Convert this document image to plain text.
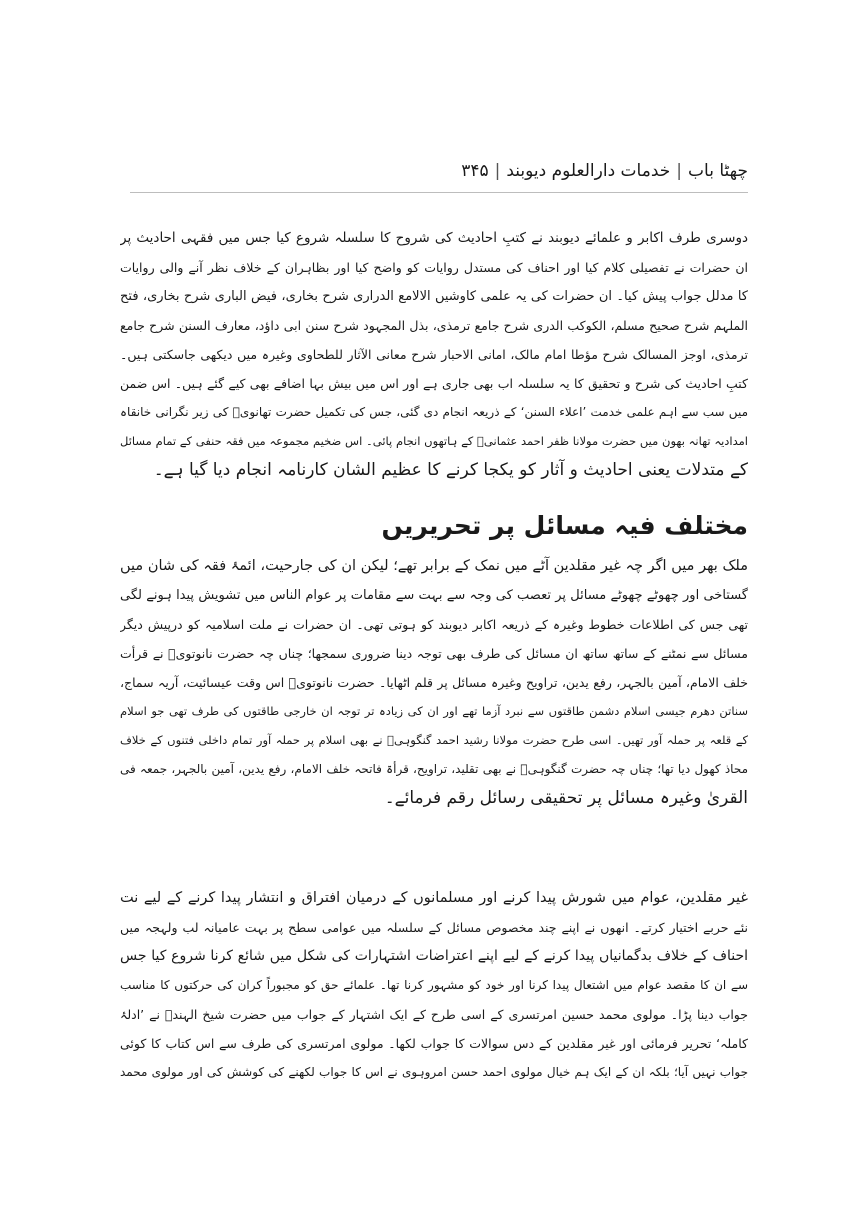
چھٹا باب|خدمات دارالعلوم دیوبند|۳۴۵
دوسری طرف اکابر و علمائے دیوبند نے کتبِ احادیث کی شروح کا سلسلہ شروع کیا جس میں فقہی احادیث پر
ان حضرات نے تفصیلی کلام کیا اور احناف کی مستدل روایات کو واضح کیا اور بظاہران کے خلاف نظر آنے والی روایات
کا مدلل جواب پیش کیا۔ ان حضرات کی یہ علمی کاوشیں الالامع الدراری شرح بخاری، فیض الباری شرح بخاری، فتح
الملہم شرح صحیح مسلم، الکوکب الدری شرح جامع ترمذی، بذل المجہود شرح سنن ابی داؤد، معارف السنن شرح جامع
ترمذی، اوجز المسالک شرح مؤطا امام مالک، امانی الاحبار شرح معانی الآثار للطحاوی وغیرہ میں دیکھی جاسکتی ہیں۔
کتبِ احادیث کی شرح و تحقیق کا یہ سلسلہ اب بھی جاری ہے اور اس میں بیش بہا اضافے بھی کیے گئے ہیں۔ اس ضمن
میں سب سے اہم علمی خدمت ’اعلاء السنن‘ کے ذریعہ انجام دی گئی، جس کی تکمیل حضرت تھانویؒ کی زیر نگرانی خانقاہ
امدادیہ تھانہ بھون میں حضرت مولانا ظفر احمد عثمانیؒ کے ہاتھوں انجام پائی۔ اس ضخیم مجموعہ میں فقہ حنفی کے تمام مسائل
کے متدلات یعنی احادیث و آثار کو یکجا کرنے کا عظیم الشان کارنامہ انجام دیا گیا ہے۔
مختلف فیہ مسائل پر تحریریں
ملک بھر میں اگر چہ غیر مقلدین آٹے میں نمک کے برابر تھے؛ لیکن ان کی جارحیت، ائمۂ فقہ کی شان میں
گستاخی اور چھوٹے چھوٹے مسائل پر تعصب کی وجہ سے بہت سے مقامات پر عوام الناس میں تشویش پیدا ہونے لگی
تھی جس کی اطلاعات خطوط وغیرہ کے ذریعہ اکابر دیوبند کو ہوتی تھی۔ ان حضرات نے ملت اسلامیہ کو درپیش دیگر
مسائل سے نمٹنے کے ساتھ ساتھ ان مسائل کی طرف بھی توجہ دینا ضروری سمجھا؛ چناں چہ حضرت نانوتویؒ نے قرأت
خلف الامام، آمین بالجہر، رفع یدین، تراویح وغیرہ مسائل پر قلم اٹھایا۔ حضرت نانوتویؒ اس وقت عیسائیت، آریہ سماج،
سناتن دھرم جیسی اسلام دشمن طاقتوں سے نبرد آزما تھے اور ان کی زیادہ تر توجہ ان خارجی طاقتوں کی طرف تھی جو اسلام
کے قلعہ پر حملہ آور تھیں۔ اسی طرح حضرت مولانا رشید احمد گنگوہیؒ نے بھی اسلام پر حملہ آور تمام داخلی فتنوں کے خلاف
محاذ کھول دیا تھا؛ چناں چہ حضرت گنگوہیؒ نے بھی تقلید، تراویح، قرأۃ فاتحہ خلف الامام، رفع یدین، آمین بالجہر، جمعہ فی
القریٰ وغیرہ مسائل پر تحقیقی رسائل رقم فرمائے۔
غیر مقلدین، عوام میں شورش پیدا کرنے اور مسلمانوں کے درمیان افتراق و انتشار پیدا کرنے کے لیے نت
نئے حربے اختیار کرتے۔ انھوں نے اپنے چند مخصوص مسائل کے سلسلہ میں عوامی سطح پر بہت عامیانہ لب ولہجہ میں
احناف کے خلاف بدگمانیاں پیدا کرنے کے لیے اپنے اعتراضات اشتہارات کی شکل میں شائع کرنا شروع کیا جس
سے ان کا مقصد عوام میں اشتعال پیدا کرنا اور خود کو مشہور کرنا تھا۔ علمائے حق کو مجبوراً کران کی حرکتوں کا مناسب
جواب دینا پڑا۔ مولوی محمد حسین امرتسری کے اسی طرح کے ایک اشتہار کے جواب میں حضرت شیخ الہندؒ نے ’ادلۂ
کاملہ‘ تحریر فرمائی اور غیر مقلدین کے دس سوالات کا جواب لکھا۔ مولوی امرتسری کی طرف سے اس کتاب کا کوئی
جواب نہیں آیا؛ بلکہ ان کے ایک ہم خیال مولوی احمد حسن امروہوی نے اس کا جواب لکھنے کی کوشش کی اور مولوی محمد
